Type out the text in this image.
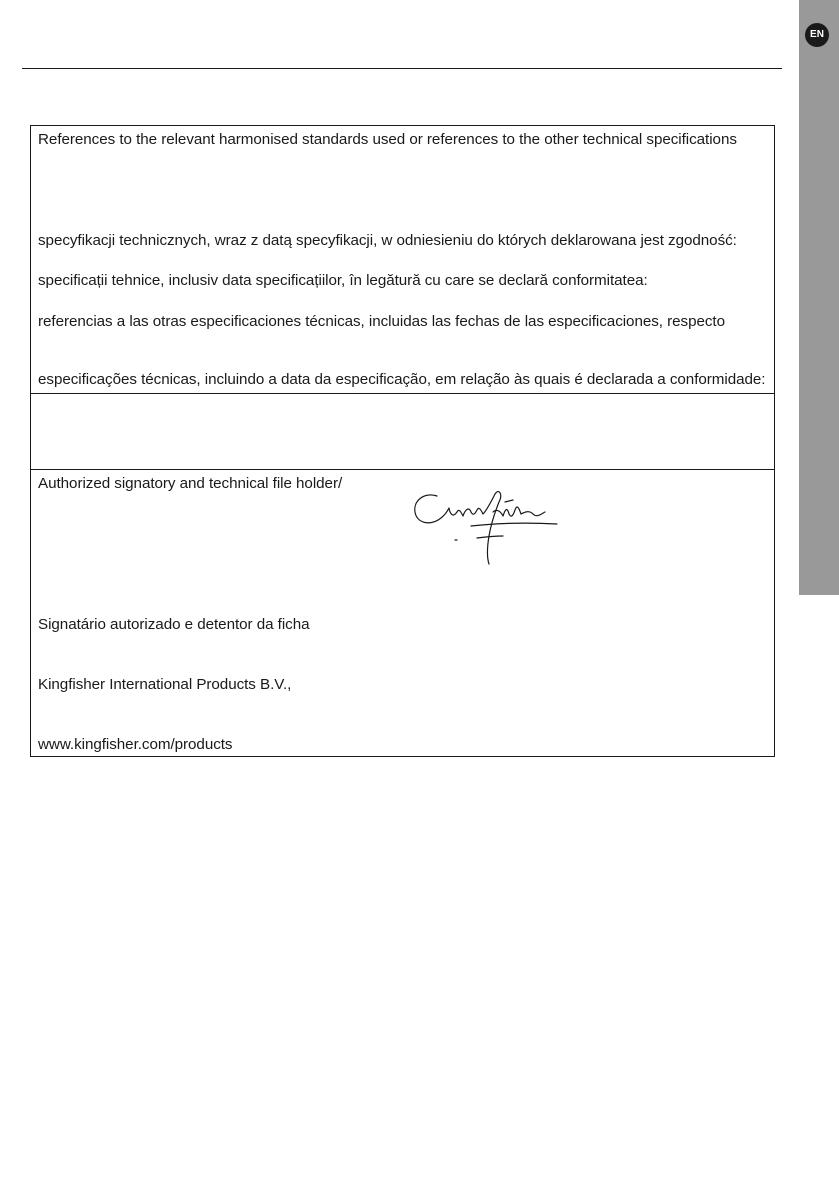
EN
References to the relevant harmonised standards used or references to the other technical specifications
specyfikacji technicznych, wraz z datą specyfikacji, w odniesieniu do których deklarowana jest zgodność:
specificații tehnice, inclusiv data specificațiilor, în legătură cu care se declară conformitatea:
referencias a las otras especificaciones técnicas, incluidas las fechas de las especificaciones, respecto
especificações técnicas, incluindo a data da especificação, em relação às quais é declarada a conformidade:
Authorized signatory and technical file holder/
Signatário autorizado e detentor da ficha
Kingfisher International Products B.V.,
www.kingfisher.com/products
